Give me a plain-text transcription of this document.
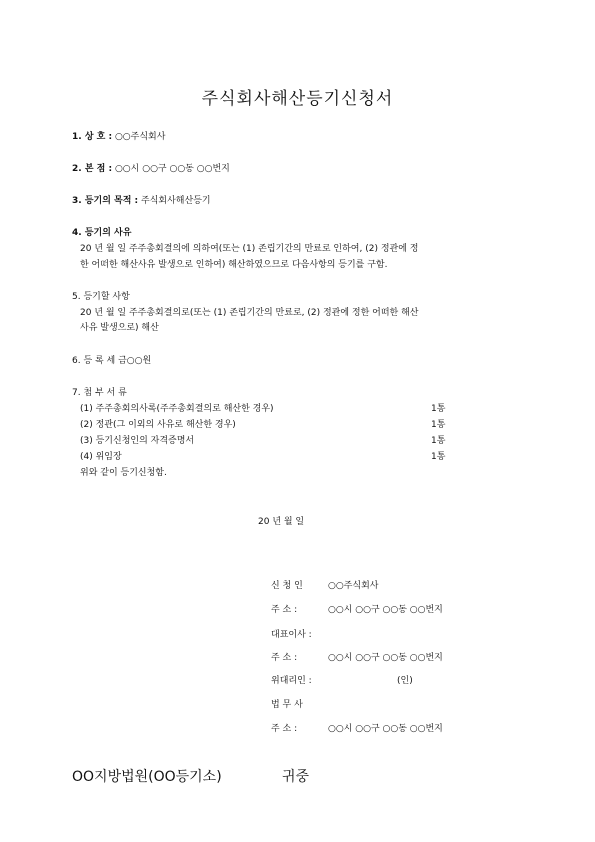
주식회사해산등기신청서
1. 상 호 : ○○주식회사
2. 본 점 : ○○시 ○○구 ○○동 ○○번지
3. 등기의 목적 : 주식회사해산등기
4. 등기의 사유
20 년 월 일 주주총회결의에 의하여(또는 (1) 존립기간의 만료로 인하여, (2) 정관에 정
한 어떠한 해산사유 발생으로 인하여) 해산하였으므로 다음사항의 등기를 구함.
5. 등기할 사항
20 년 월 일 주주총회결의로(또는 (1) 존립기간의 만료로, (2) 정관에 정한 어떠한 해산
사유 발생으로) 해산
6. 등 록 세 금○○원
7. 첨 부 서 류
(1) 주주총회의사록(주주총회결의로 해산한 경우)	1통
(2) 정관(그 이외의 사유로 해산한 경우)	1통
(3) 등기신청인의 자격증명서	1통
(4) 위임장	1통
위와 같이 등기신청함.
20 년 월 일
신 청 인	○○주식회사
주 소 :	○○시 ○○구 ○○동 ○○번지
대표이사 :
주 소 :	○○시 ○○구 ○○동 ○○번지
위대리인 :	(인)
법 무 사
주 소 :	○○시 ○○구 ○○동 ○○번지
OO지방법원(OO등기소)	귀중
